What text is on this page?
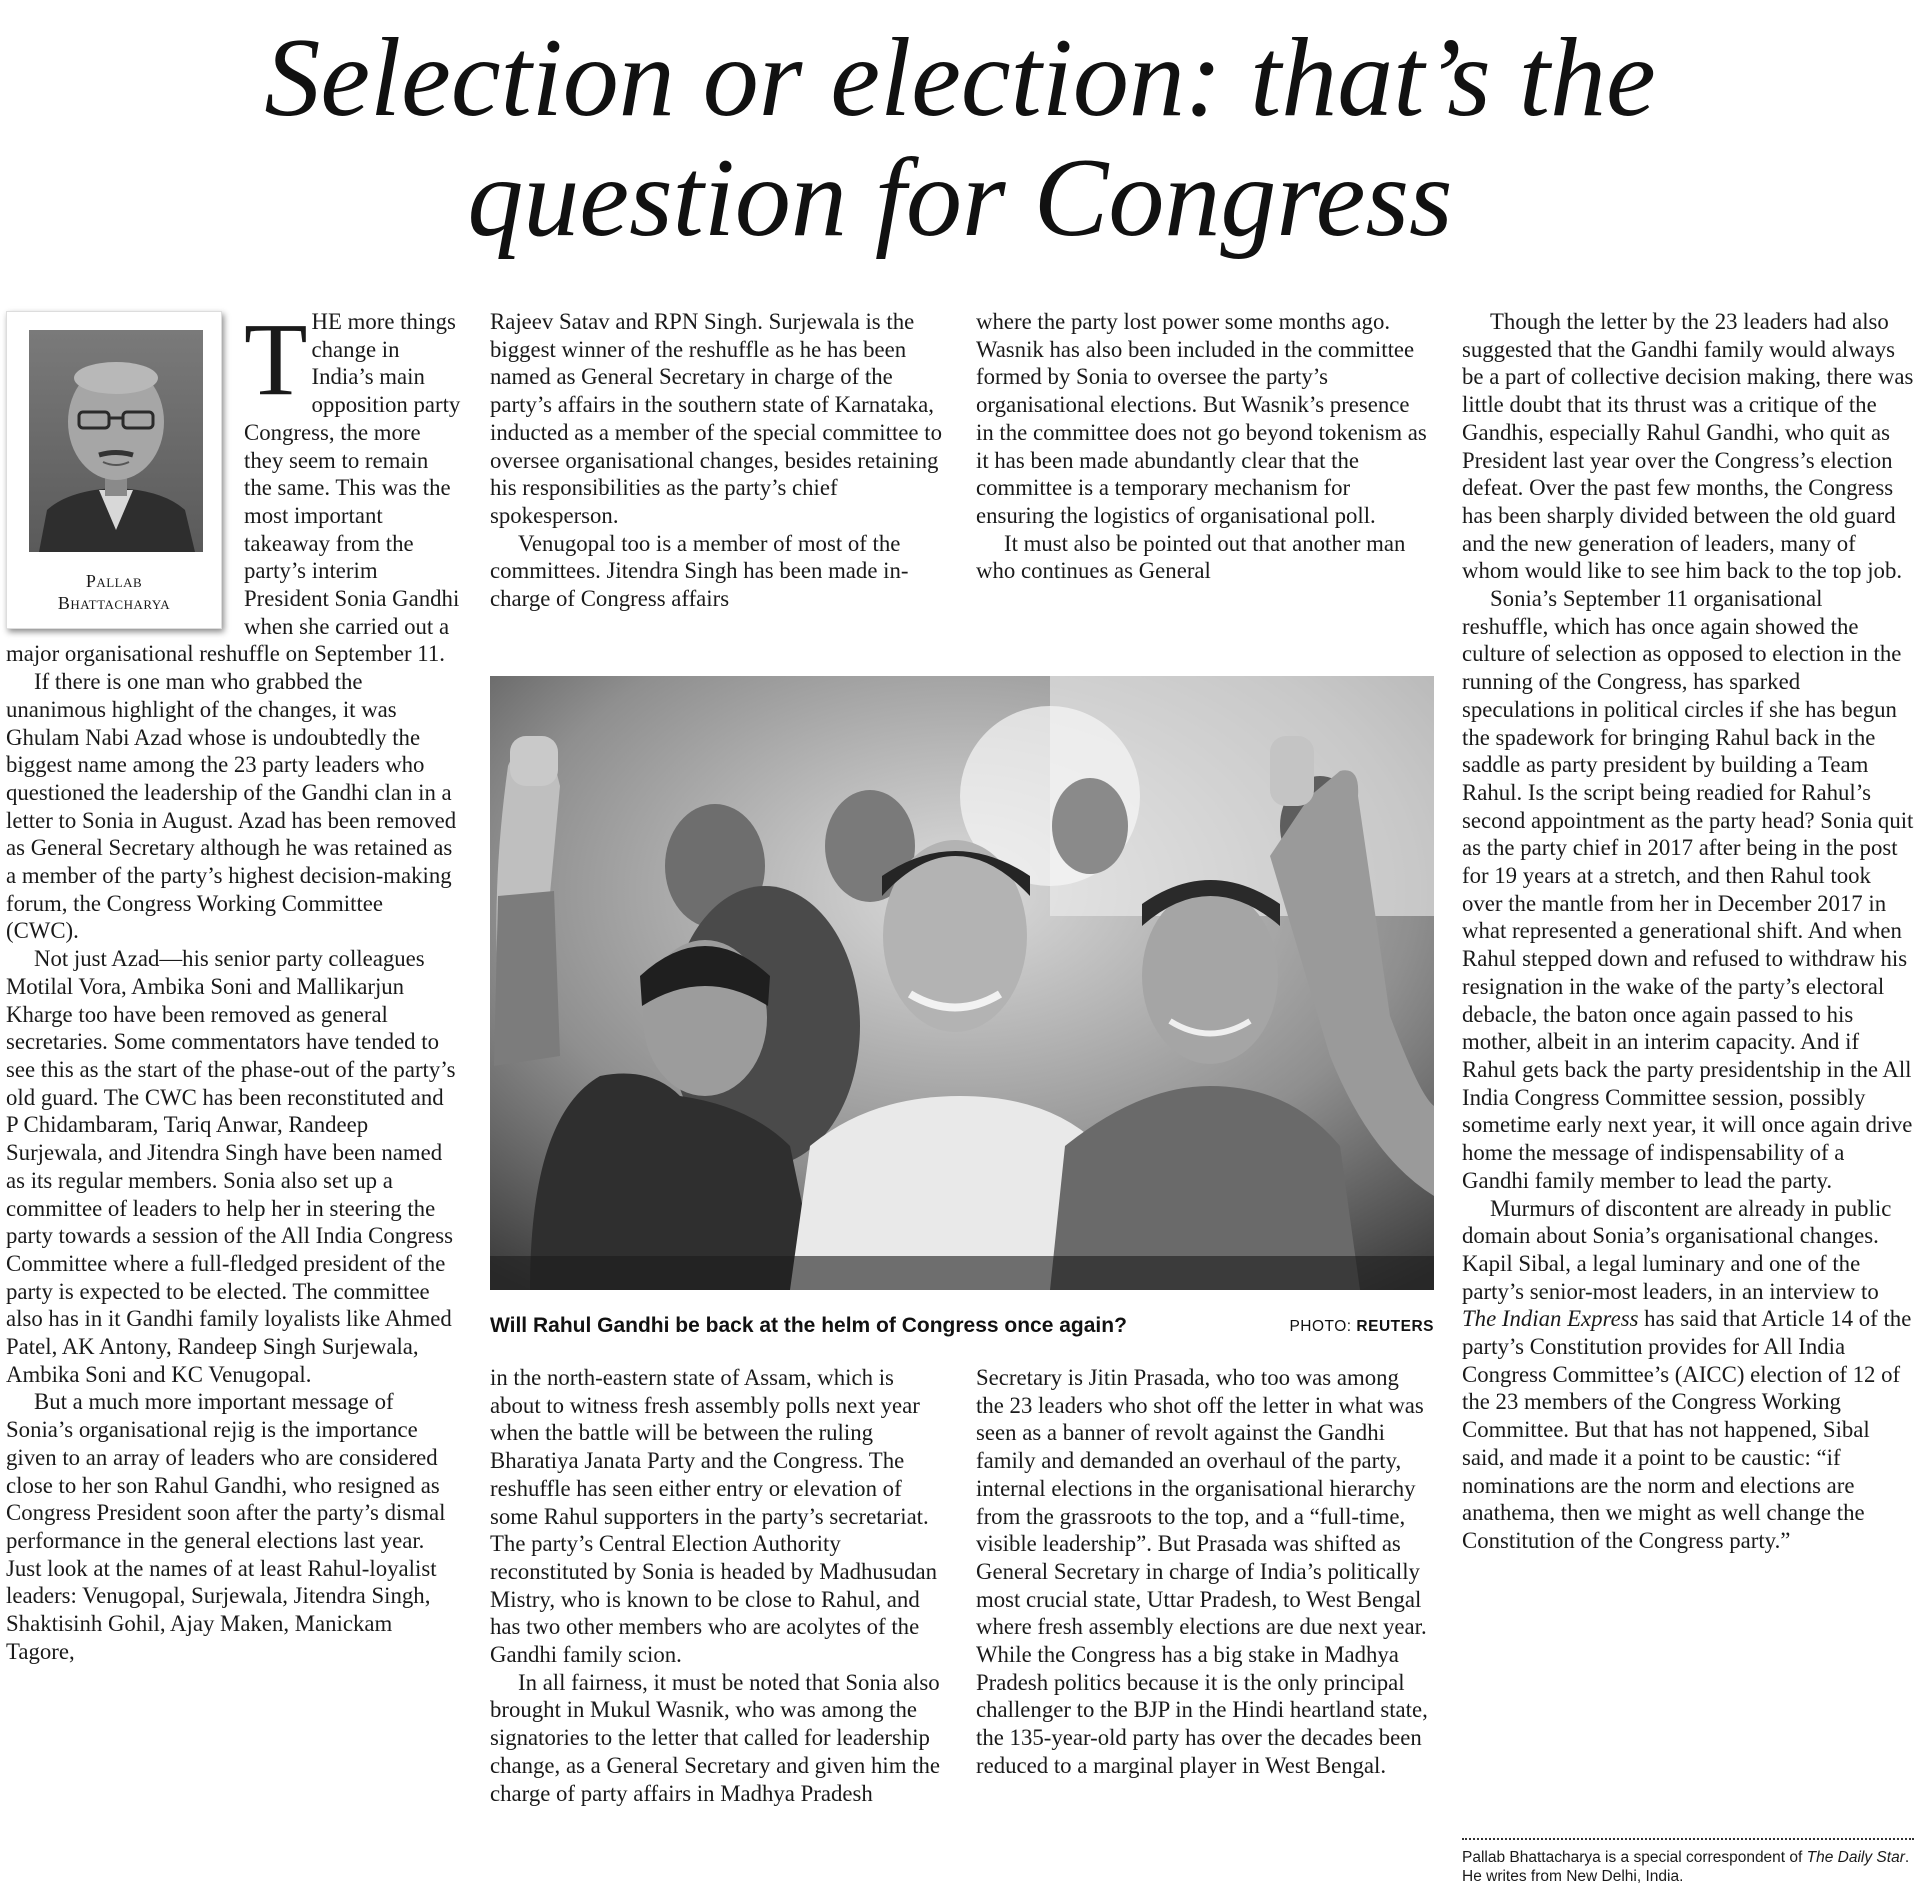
Selection or election: that’s the
question for Congress
Pallab
Bhattacharya

THE more things change in India’s main opposition party Congress, the more they seem to remain the same. This was the most important takeaway from the party’s interim President Sonia Gandhi when she carried out a major organisational reshuffle on September 11.

If there is one man who grabbed the unanimous highlight of the changes, it was Ghulam Nabi Azad whose is undoubtedly the biggest name among the 23 party leaders who questioned the leadership of the Gandhi clan in a letter to Sonia in August. Azad has been removed as General Secretary although he was retained as a member of the party’s highest decision-making forum, the Congress Working Committee (CWC).

Not just Azad—his senior party colleagues Motilal Vora, Ambika Soni and Mallikarjun Kharge too have been removed as general secretaries. Some commentators have tended to see this as the start of the phase-out of the party’s old guard. The CWC has been reconstituted and P Chidambaram, Tariq Anwar, Randeep Surjewala, and Jitendra Singh have been named as its regular members. Sonia also set up a committee of leaders to help her in steering the party towards a session of the All India Congress Committee where a full-fledged president of the party is expected to be elected. The committee also has in it Gandhi family loyalists like Ahmed Patel, AK Antony, Randeep Singh Surjewala, Ambika Soni and KC Venugopal.

But a much more important message of Sonia’s organisational rejig is the importance given to an array of leaders who are considered close to her son Rahul Gandhi, who resigned as Congress President soon after the party’s dismal performance in the general elections last year. Just look at the names of at least Rahul-loyalist leaders: Venugopal, Surjewala, Jitendra Singh, Shaktisinh Gohil, Ajay Maken, Manickam Tagore,

Rajeev Satav and RPN Singh. Surjewala is the biggest winner of the reshuffle as he has been named as General Secretary in charge of the party’s affairs in the southern state of Karnataka, inducted as a member of the special committee to oversee organisational changes, besides retaining his responsibilities as the party’s chief spokesperson.

Venugopal too is a member of most of the committees. Jitendra Singh has been made in-charge of Congress affairs

where the party lost power some months ago. Wasnik has also been included in the committee formed by Sonia to oversee the party’s organisational elections. But Wasnik’s presence in the committee does not go beyond tokenism as it has been made abundantly clear that the committee is a temporary mechanism for ensuring the logistics of organisational poll.

It must also be pointed out that another man who continues as General

Will Rahul Gandhi be back at the helm of Congress once again?	PHOTO: REUTERS

in the north-eastern state of Assam, which is about to witness fresh assembly polls next year when the battle will be between the ruling Bharatiya Janata Party and the Congress. The reshuffle has seen either entry or elevation of some Rahul supporters in the party’s secretariat. The party’s Central Election Authority reconstituted by Sonia is headed by Madhusudan Mistry, who is known to be close to Rahul, and has two other members who are acolytes of the Gandhi family scion.

In all fairness, it must be noted that Sonia also brought in Mukul Wasnik, who was among the signatories to the letter that called for leadership change, as a General Secretary and given him the charge of party affairs in Madhya Pradesh

Secretary is Jitin Prasada, who too was among the 23 leaders who shot off the letter in what was seen as a banner of revolt against the Gandhi family and demanded an overhaul of the party, internal elections in the organisational hierarchy from the grassroots to the top, and a “full-time, visible leadership”. But Prasada was shifted as General Secretary in charge of India’s politically most crucial state, Uttar Pradesh, to West Bengal where fresh assembly elections are due next year. While the Congress has a big stake in Madhya Pradesh politics because it is the only principal challenger to the BJP in the Hindi heartland state, the 135-year-old party has over the decades been reduced to a marginal player in West Bengal.

Though the letter by the 23 leaders had also suggested that the Gandhi family would always be a part of collective decision making, there was little doubt that its thrust was a critique of the Gandhis, especially Rahul Gandhi, who quit as President last year over the Congress’s election defeat. Over the past few months, the Congress has been sharply divided between the old guard and the new generation of leaders, many of whom would like to see him back to the top job.

Sonia’s September 11 organisational reshuffle, which has once again showed the culture of selection as opposed to election in the running of the Congress, has sparked speculations in political circles if she has begun the spadework for bringing Rahul back in the saddle as party president by building a Team Rahul. Is the script being readied for Rahul’s second appointment as the party head? Sonia quit as the party chief in 2017 after being in the post for 19 years at a stretch, and then Rahul took over the mantle from her in December 2017 in what represented a generational shift. And when Rahul stepped down and refused to withdraw his resignation in the wake of the party’s electoral debacle, the baton once again passed to his mother, albeit in an interim capacity. And if Rahul gets back the party presidentship in the All India Congress Committee session, possibly sometime early next year, it will once again drive home the message of indispensability of a Gandhi family member to lead the party.

Murmurs of discontent are already in public domain about Sonia’s organisational changes. Kapil Sibal, a legal luminary and one of the party’s senior-most leaders, in an interview to The Indian Express has said that Article 14 of the party’s Constitution provides for All India Congress Committee’s (AICC) election of 12 of the 23 members of the Congress Working Committee. But that has not happened, Sibal said, and made it a point to be caustic: “if nominations are the norm and elections are anathema, then we might as well change the Constitution of the Congress party.”

Pallab Bhattacharya is a special correspondent of The Daily Star. He writes from New Delhi, India.
